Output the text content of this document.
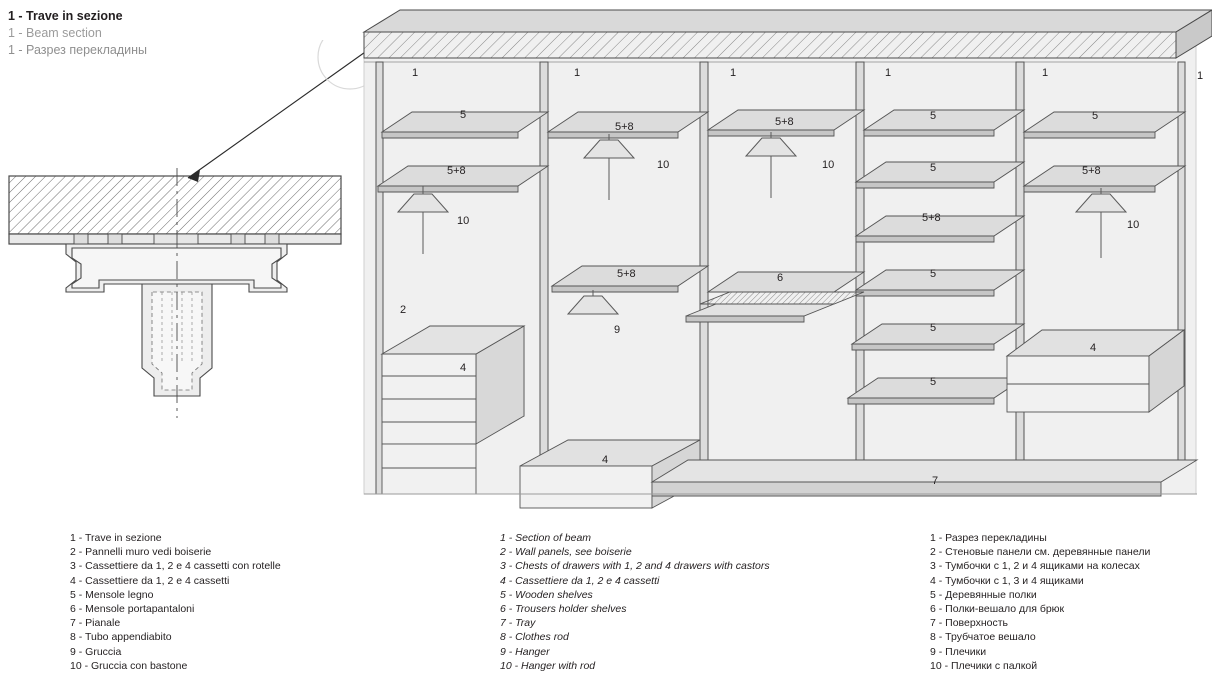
1 - Trave in sezione
1 - Beam section
1 - Разрез перекладины
1	1	1	1	1	1
5
5+8	5+8	5	5
5+8	5+8
5
10
10	10
10
5+8
5+8	6	5
5
5
2
9
4
4
4
7
1 - Trave in sezione
2 - Pannelli muro vedi boiserie
3 - Cassettiere da 1, 2 e 4 cassetti con rotelle
4 - Cassettiere da 1, 2 e 4 cassetti
5 - Mensole legno
6 - Mensole portapantaloni
7 - Pianale
8 - Tubo appendiabito
9 - Gruccia
10 - Gruccia con bastone
1 - Section of beam
2 - Wall panels, see boiserie
3 - Chests of drawers with 1, 2 and 4 drawers with castors
4 - Cassettiere da 1, 2 e 4 cassetti
5 - Wooden shelves
6 - Trousers holder shelves
7 - Tray
8 - Clothes rod
9 - Hanger
10 - Hanger with rod
1 - Разрез перекладины
2 - Стеновые панели см. деревянные панели
3 - Тумбочки с 1, 2 и 4 ящиками на колесах
4 - Тумбочки с 1, 3 и 4 ящиками
5 - Деревянные полки
6 - Полки-вешало для брюк
7 - Поверхность
8 - Трубчатое вешало
9 - Плечики
10 - Плечики с палкой
